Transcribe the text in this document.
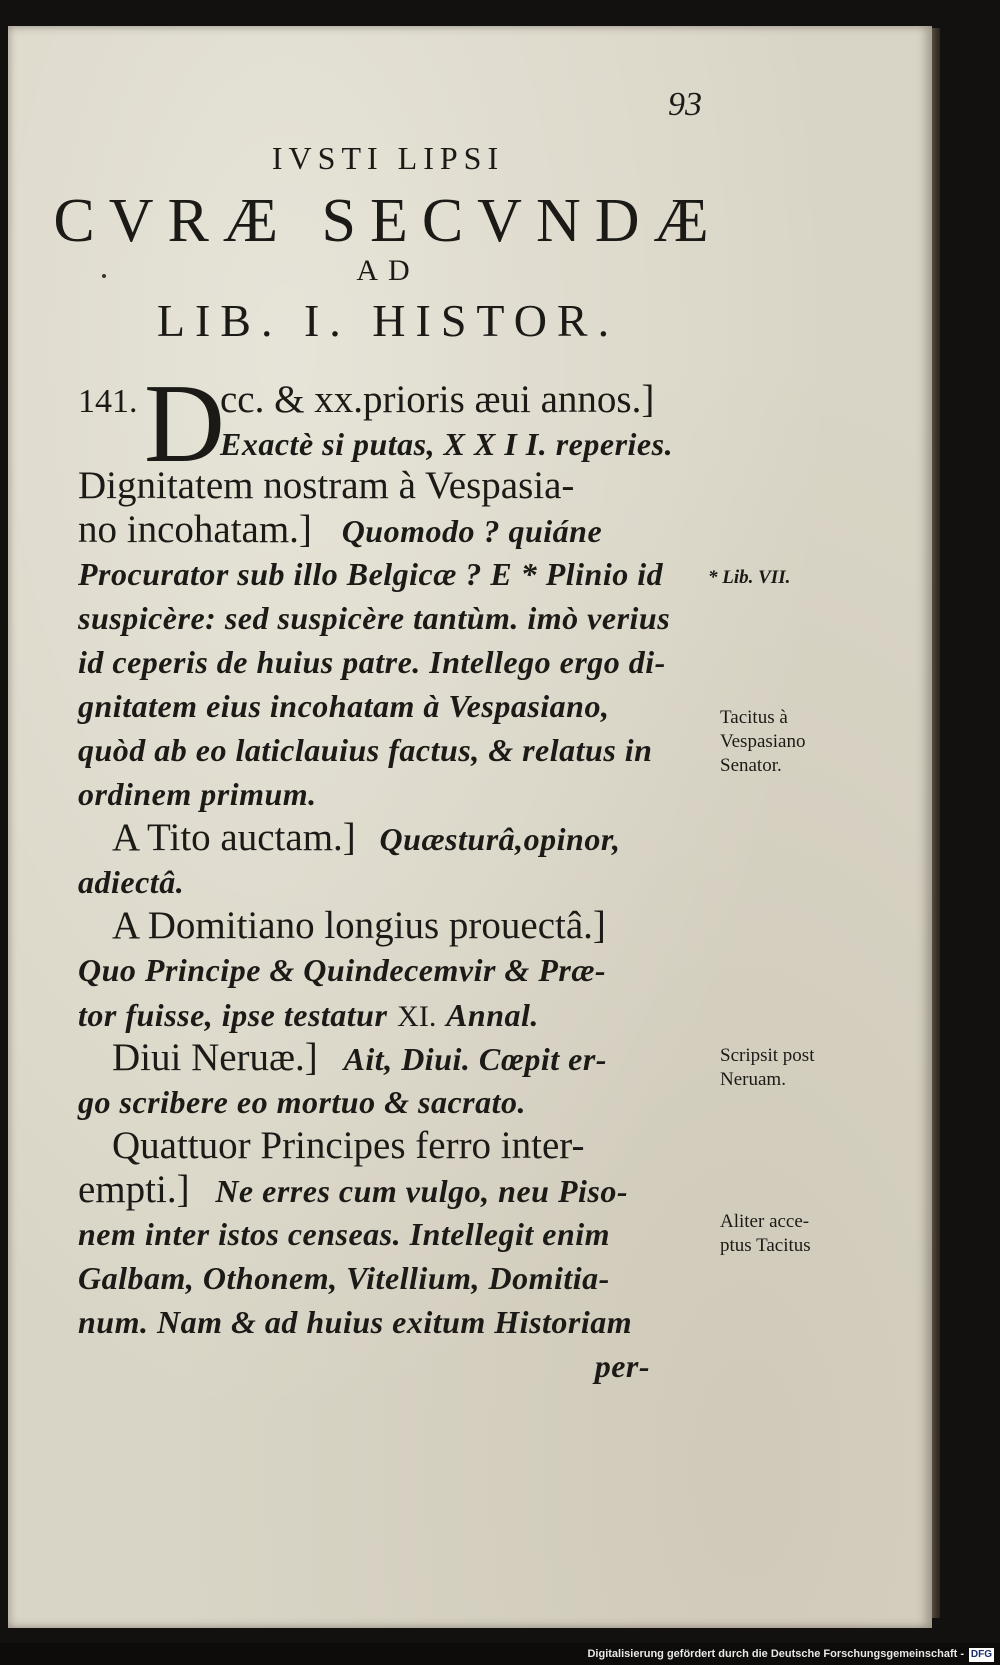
93
IVSTI LIPSI
CVRÆ SECVNDÆ
AD
LIB. I. HISTOR.
141. D
cc. & xx.prioris æui annos.]
Exactè si putas, X X I I. reperies.
Dignitatem nostram à Vespasia-
no incohatam.] Quomodo ? quiáne
Procurator sub illo Belgicæ ? E * Plinio id
suspicère: sed suspicère tantùm. imò verius
id ceperis de huius patre. Intellego ergo di-
gnitatem eius incohatam à Vespasiano,
quòd ab eo laticlauius factus, & relatus in
ordinem primum.
A Tito auctam.] Quæsturâ,opinor,
adiectâ.
A Domitiano longius prouectâ.]
Quo Principe & Quindecemvir & Præ-
tor fuisse, ipse testatur XI. Annal.
Diui Neruæ.] Ait, Diui. Cœpit er-
go scribere eo mortuo & sacrato.
Quattuor Principes ferro inter-
empti.] Ne erres cum vulgo, neu Piso-
nem inter istos censeas. Intellegit enim
Galbam, Othonem, Vitellium, Domitia-
num. Nam & ad huius exitum Historiam
per-
* Lib. VII.
Tacitus à
Vespasiano
Senator.
Scripsit post
Neruam.
Aliter acce-
ptus Tacitus
Digitalisierung gefördert durch die Deutsche Forschungsgemeinschaft - DFG
